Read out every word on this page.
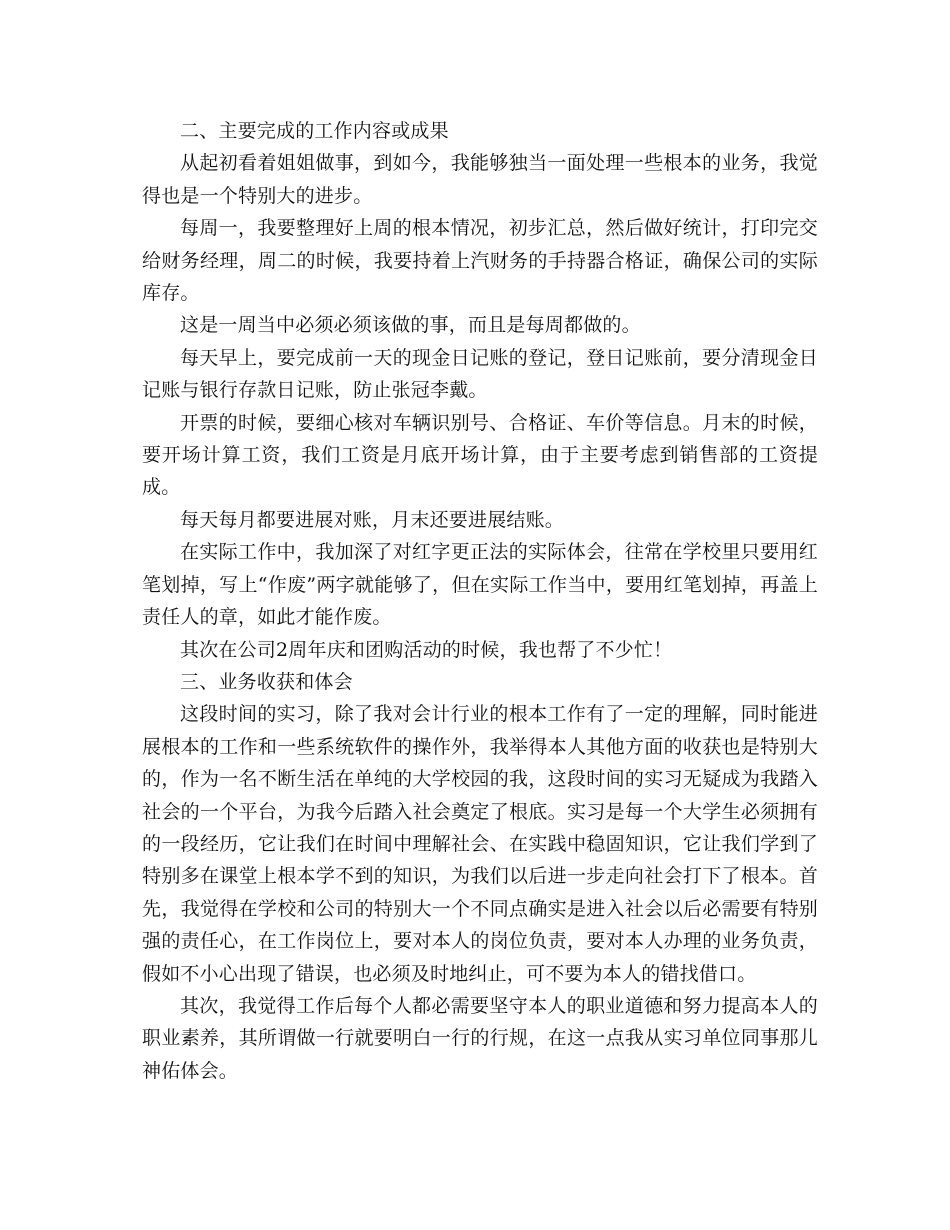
二、主要完成的工作内容或成果

从起初看着姐姐做事，到如今，我能够独当一面处理一些根本的业务，我觉得也是一个特别大的进步。

每周一，我要整理好上周的根本情况，初步汇总，然后做好统计，打印完交给财务经理，周二的时候，我要持着上汽财务的手持器合格证，确保公司的实际库存。

这是一周当中必须必须该做的事，而且是每周都做的。

每天早上，要完成前一天的现金日记账的登记，登日记账前，要分清现金日记账与银行存款日记账，防止张冠李戴。

开票的时候，要细心核对车辆识别号、合格证、车价等信息。月末的时候，要开场计算工资，我们工资是月底开场计算，由于主要考虑到销售部的工资提成。

每天每月都要进展对账，月末还要进展结账。

在实际工作中，我加深了对红字更正法的实际体会，往常在学校里只要用红笔划掉，写上“作废”两字就能够了，但在实际工作当中，要用红笔划掉，再盖上责任人的章，如此才能作废。

其次在公司2周年庆和团购活动的时候，我也帮了不少忙！

三、业务收获和体会

这段时间的实习，除了我对会计行业的根本工作有了一定的理解，同时能进展根本的工作和一些系统软件的操作外，我举得本人其他方面的收获也是特别大的，作为一名不断生活在单纯的大学校园的我，这段时间的实习无疑成为我踏入社会的一个平台，为我今后踏入社会奠定了根底。实习是每一个大学生必须拥有的一段经历，它让我们在时间中理解社会、在实践中稳固知识，它让我们学到了特别多在课堂上根本学不到的知识，为我们以后进一步走向社会打下了根本。首先，我觉得在学校和公司的特别大一个不同点确实是进入社会以后必需要有特别强的责任心，在工作岗位上，要对本人的岗位负责，要对本人办理的业务负责，假如不小心出现了错误，也必须及时地纠止，可不要为本人的错找借口。

其次，我觉得工作后每个人都必需要坚守本人的职业道德和努力提高本人的职业素养，其所谓做一行就要明白一行的行规，在这一点我从实习单位同事那儿神佑体会。
